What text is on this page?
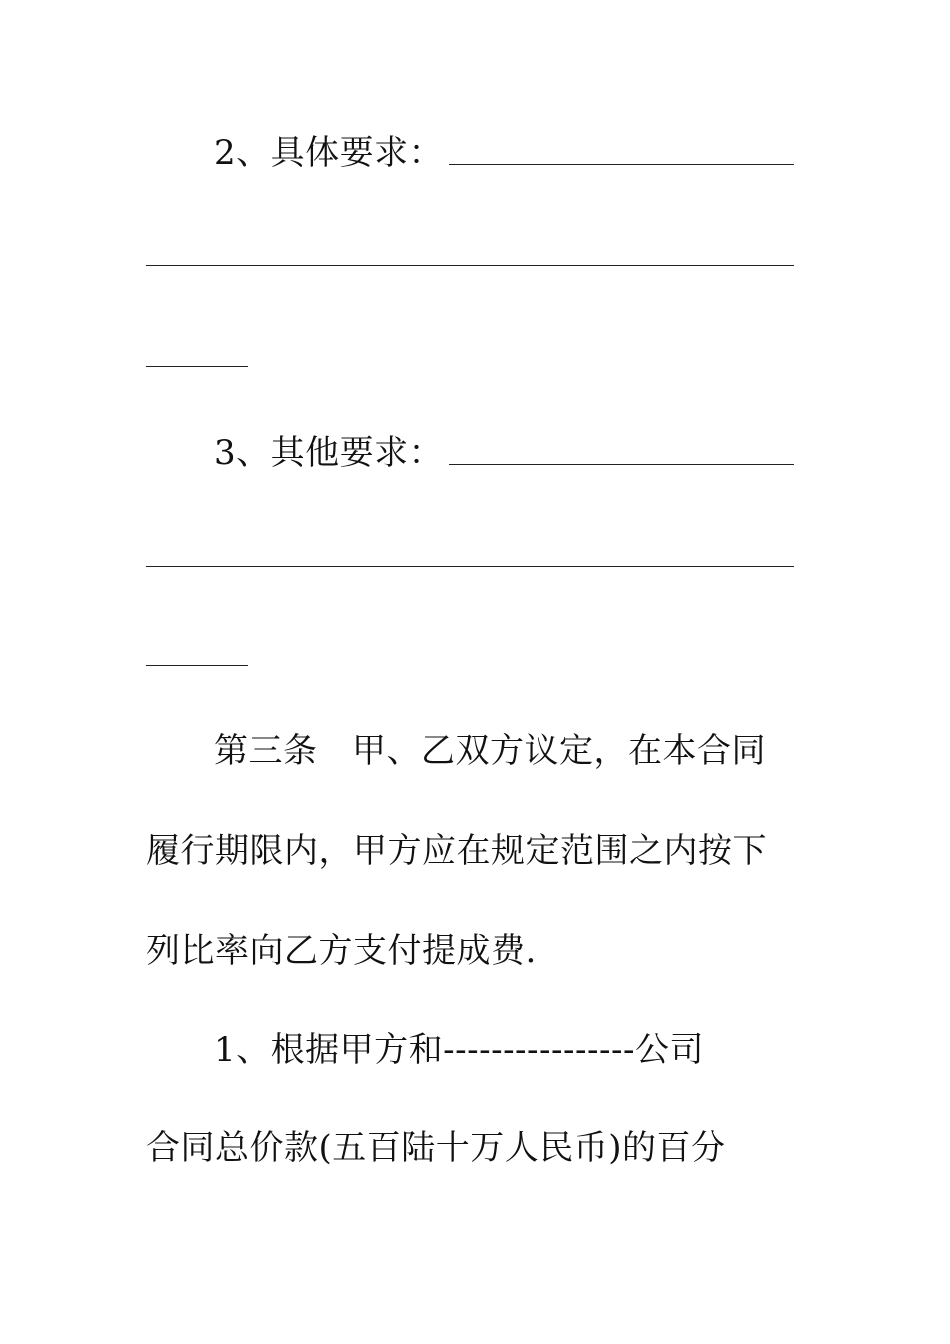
2、具体要求：
3、其他要求：
第三条　甲、乙双方议定，在本合同
履行期限内，甲方应在规定范围之内按下
列比率向乙方支付提成费.
1、根据甲方和----------------公司
合同总价款(五百陆十万人民币)的百分
